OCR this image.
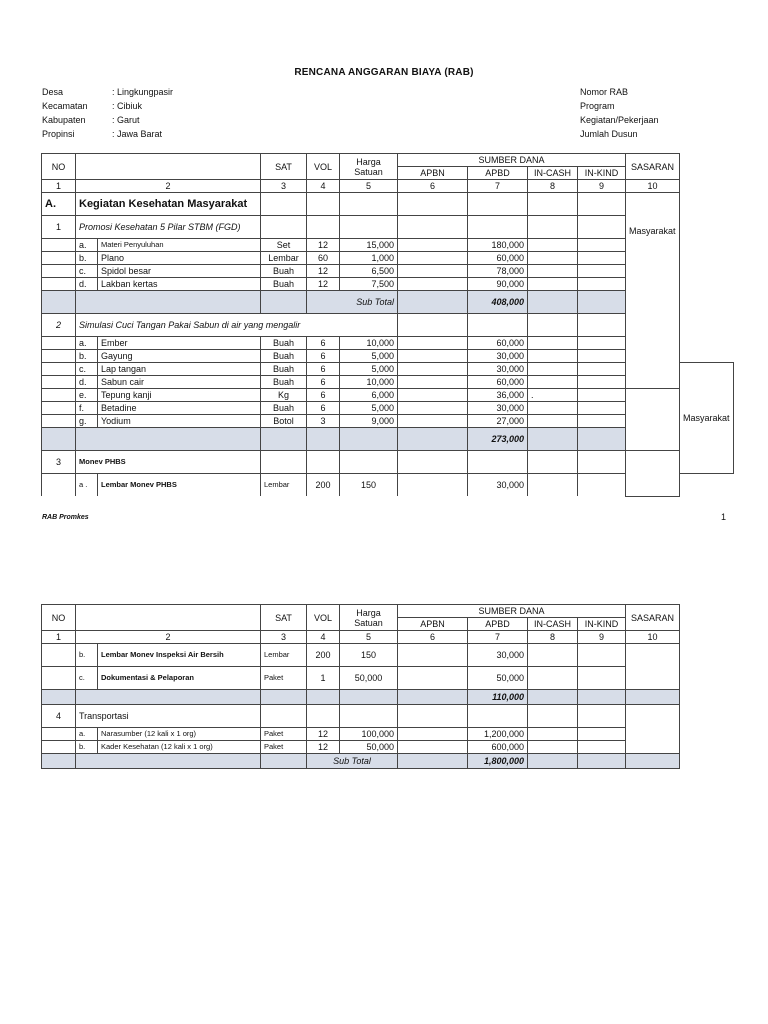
RENCANA ANGGARAN BIAYA (RAB)
Desa	: Lingkungpasir
Kecamatan	: Cibiuk
Kabupaten	: Garut
Propinsi	: Jawa Barat
Nomor RAB
Program
Kegiatan/Pekerjaan
Jumlah Dusun
NO			SAT	VOL	Harga Satuan	SUMBER DANA				SASARAN	
						APBN	APBD	IN-CASH	IN-KIND		
1	2		3	4	5	6	7	8	9	10	
A.	Kegiatan Kesehatan Masyarakat									Masyarakat	

1	Promosi Kesehatan 5 Pilar STBM (FGD)										
	a.	Materi Penyuluhan	Set	12	15,000		180,000				
	b.	Plano	Lembar	60	1,000		60,000				
	c.	Spidol besar	Buah	12	6,500		78,000				
	d.	Lakban kertas	Buah	12	7,500		90,000				
				Sub Total			408,000				
2	Simulasi Cuci Tangan Pakai Sabun di air yang mengalir										
	a.	Ember	Buah	6	10,000		60,000				
	b.	Gayung	Buah	6	5,000		30,000				
	c.	Lap tangan	Buah	6	5,000		30,000				Masyarakat

	d.	Sabun cair	Buah	6	10,000		60,000				
	e.	Tepung kanji	Kg	6	6,000		36,000	.			
	f.	Betadine	Buah	6	5,000		30,000				
	g.	Yodium	Botol	3	9,000		27,000				
							273,000				
3	Monev PHBS										
	a .	Lembar Monev PHBS	Lembar	200	150		30,000				
RAB Promkes	1
NO			SAT	VOL	Harga Satuan	SUMBER DANA				SASARAN
						APBN	APBD	IN-CASH	IN-KIND	
1	2		3	4	5	6	7	8	9	10
	b.	Lembar Monev Inspeksi Air Bersih	Lembar	200	150		30,000			
	c.	Dokumentasi & Pelaporan	Paket	1	50,000		50,000			
							110,000			
4	Transportasi									
	a.	Narasumber (12 kali x 1 org)	Paket	12	100,000		1,200,000			
	b.	Kader Kesehatan (12 kali x 1 org)	Paket	12	50,000		600,000			
				Sub Total			1,800,000			
